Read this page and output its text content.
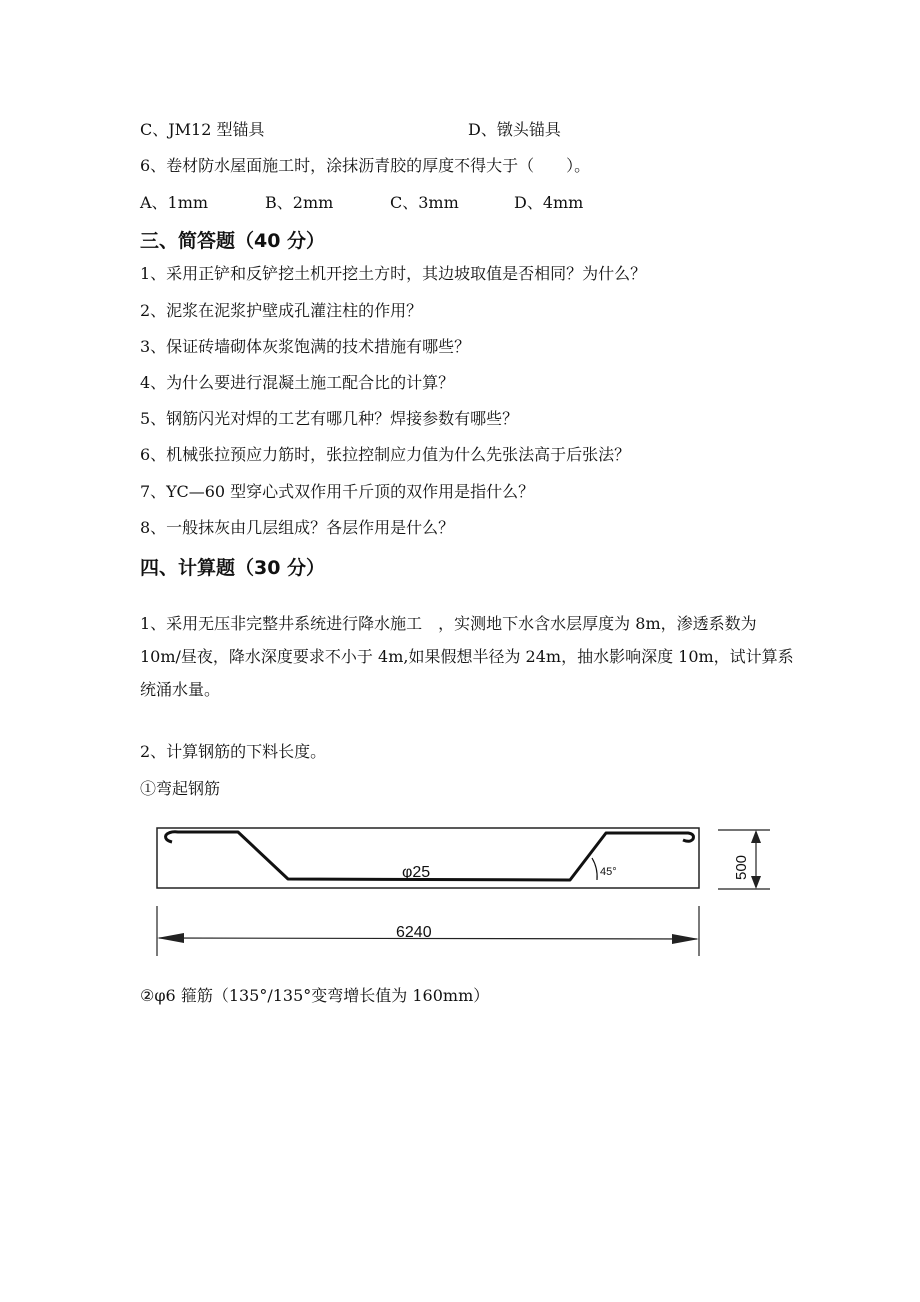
C、JM12 型锚具	D、镦头锚具
6、卷材防水屋面施工时，涂抹沥青胶的厚度不得大于（　　）。
A、1mm	B、2mm	C、3mm	D、4mm
三、简答题（40 分）
1、采用正铲和反铲挖土机开挖土方时，其边坡取值是否相同？为什么？
2、泥浆在泥浆护壁成孔灌注柱的作用？
3、保证砖墙砌体灰浆饱满的技术措施有哪些？
4、为什么要进行混凝土施工配合比的计算？
5、钢筋闪光对焊的工艺有哪几种？焊接参数有哪些？
6、机械张拉预应力筋时，张拉控制应力值为什么先张法高于后张法？
7、YC—60 型穿心式双作用千斤顶的双作用是指什么？
8、一般抹灰由几层组成？各层作用是什么？
四、计算题（30 分）

1、采用无压非完整井系统进行降水施工　，实测地下水含水层厚度为 8m，渗透系数为 10m/昼夜，降水深度要求不小于 4m,如果假想半径为 24m，抽水影响深度 10m，试计算系统涌水量。

2、计算钢筋的下料长度。
①弯起钢筋
φ25	45°	500
6240
②φ6 箍筋（135°/135°变弯增长值为 160mm）
